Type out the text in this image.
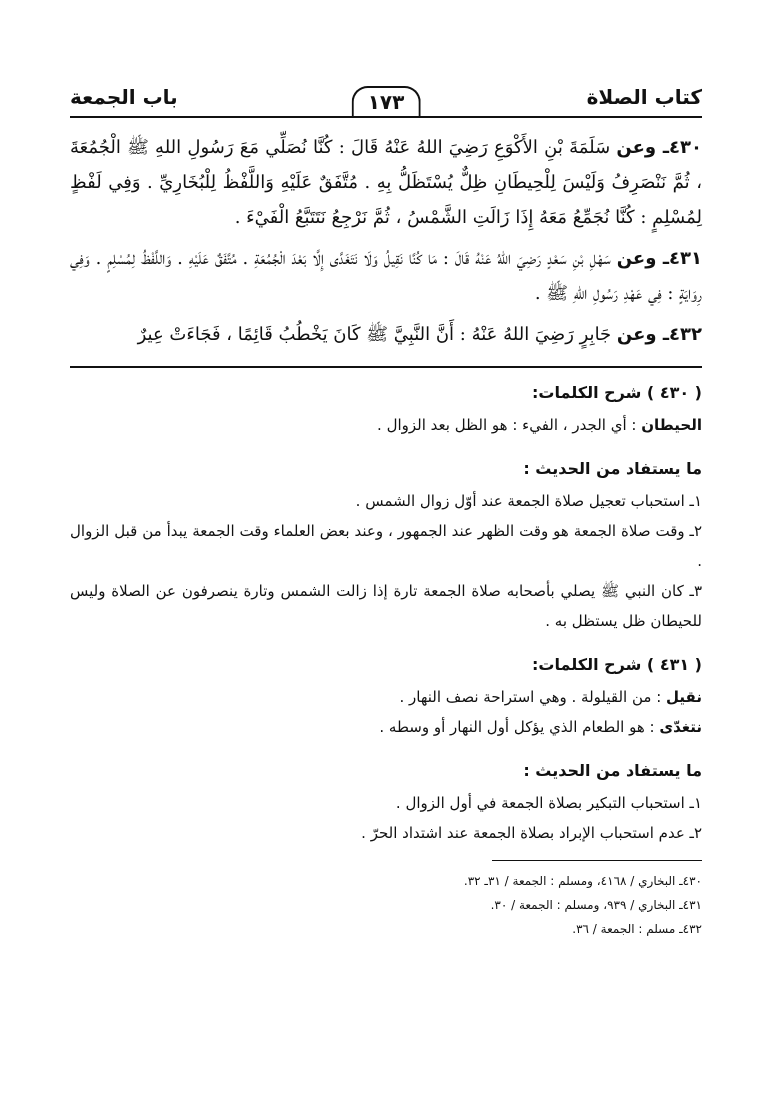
كتاب الصلاة
١٧٣
باب الجمعة

٤٣٠ـ وعن سَلَمَةَ بْنِ الأَكْوَعِ رَضِيَ اللهُ عَنْهُ قَالَ : كُنَّا نُصَلِّي مَعَ رَسُولِ اللهِ ﷺ الْجُمُعَةَ ، ثُمَّ نَنْصَرِفُ وَلَيْسَ لِلْحِيطَانِ ظِلٌّ يُسْتَظَلُّ بِهِ . مُتَّفَقٌ عَلَيْهِ وَاللَّفْظُ لِلْبُخَارِيِّ . وَفِي لَفْظٍ لِمُسْلِمٍ : كُنَّا نُجَمِّعُ مَعَهُ إِذَا زَالَتِ الشَّمْسُ ، ثُمَّ نَرْجِعُ نَتَتَبَّعُ الْفَيْءَ .

٤٣١ـ وعن سَهْلِ بْنِ سَعْدٍ رَضِيَ اللهُ عَنْهُ قَالَ : مَا كُنَّا نَقِيلُ وَلَا نَتَغَدَّى إِلَّا بَعْدَ الْجُمُعَةِ . مُتَّفَقٌ عَلَيْهِ . وَاللَّفْظُ لِمُسْلِمٍ . وَفِي رِوَايَةٍ : فِي عَهْدِ رَسُولِ اللهِ ﷺ .

٤٣٢ـ وعن جَابِرٍ رَضِيَ اللهُ عَنْهُ : أَنَّ النَّبِيَّ ﷺ كَانَ يَخْطُبُ قَائِمًا ، فَجَاءَتْ عِيرٌ

( ٤٣٠ ) شرح الكلمات:

الحيطان : أي الجدر ، الفيء : هو الظل بعد الزوال .

ما يستفاد من الحديث :

١ـ استحباب تعجيل صلاة الجمعة عند أوّل زوال الشمس .

٢ـ وقت صلاة الجمعة هو وقت الظهر عند الجمهور ، وعند بعض العلماء وقت الجمعة يبدأ من قبل الزوال .

٣ـ كان النبي ﷺ يصلي بأصحابه صلاة الجمعة تارة إذا زالت الشمس وتارة ينصرفون عن الصلاة وليس للحيطان ظل يستظل به .

( ٤٣١ ) شرح الكلمات:

نقيل : من القيلولة . وهي استراحة نصف النهار .

نتغدّى : هو الطعام الذي يؤكل أول النهار أو وسطه .

ما يستفاد من الحديث :

١ـ استحباب التبكير بصلاة الجمعة في أول الزوال .

٢ـ عدم استحباب الإبراد بصلاة الجمعة عند اشتداد الحرّ .

٤٣٠ـ البخاري / ٤١٦٨، ومسلم : الجمعة / ٣١ـ ٣٢.

٤٣١ـ البخاري / ٩٣٩، ومسلم : الجمعة / ٣٠.

٤٣٢ـ مسلم : الجمعة / ٣٦.
